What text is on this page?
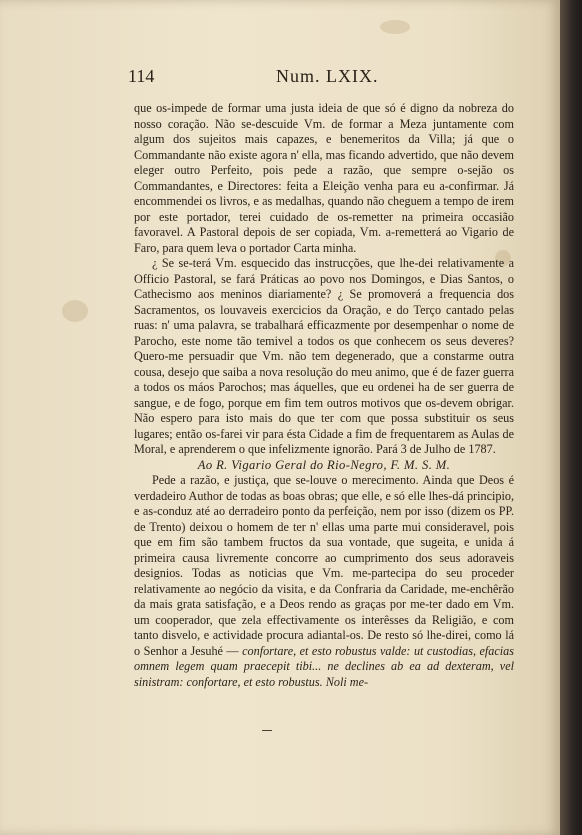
114	Num. LXIX.

que os-impede de formar uma justa ideia de que só é digno da nobreza do nosso coração. Não se-descuide Vm. de formar a Meza juntamente com algum dos sujeitos mais capazes, e benemeritos da Villa; já que o Commandante não existe agora n' ella, mas ficando advertido, que não devem eleger outro Perfeito, pois pede a razão, que sempre o-sejão os Commandantes, e Directores: feita a Eleição venha para eu a-confirmar. Já encommendei os livros, e as medalhas, quando não cheguem a tempo de irem por este portador, terei cuidado de os-remetter na primeira occasião favoravel. A Pastoral depois de ser copiada, Vm. a-remetterá ao Vigario de Faro, para quem leva o portador Carta minha.

¿ Se se-terá Vm. esquecido das instrucções, que lhe-dei relativamente a Officio Pastoral, se fará Práticas ao povo nos Domingos, e Dias Santos, o Cathecismo aos meninos diariamente? ¿ Se promoverá a frequencia dos Sacramentos, os louvaveis exercicios da Oração, e do Terço cantado pelas ruas: n' uma palavra, se trabalhará efficazmente por desempenhar o nome de Parocho, este nome tão temivel a todos os que conhecem os seus deveres? Quero-me persuadir que Vm. não tem degenerado, que a constarme outra cousa, desejo que saiba a nova resolução do meu animo, que é de fazer guerra a todos os máos Parochos; mas áquelles, que eu ordenei ha de ser guerra de sangue, e de fogo, porque em fim tem outros motivos que os-devem obrigar. Não espero para isto mais do que ter com que possa substituir os seus lugares; então os-farei vir para ésta Cidade a fim de frequentarem as Aulas de Moral, e aprenderem o que infelizmente ignorão. Pará 3 de Julho de 1787.

Ao R. Vigario Geral do Rio-Negro, F. M. S. M.

Pede a razão, e justiça, que se-louve o merecimento. Ainda que Deos é verdadeiro Author de todas as boas obras; que elle, e só elle lhes-dá principio, e as-conduz até ao derradeiro ponto da perfeição, nem por isso (dizem os PP. de Trento) deixou o homem de ter n' ellas uma parte mui consideravel, pois que em fim são tambem fructos da sua vontade, que sugeita, e unida á primeira causa livremente concorre ao cumprimento dos seus adoraveis designios. Todas as noticias que Vm. me-partecipa do seu proceder relativamente ao negócio da visita, e da Confraria da Caridade, me-enchêrão da mais grata satisfação, e a Deos rendo as graças por me-ter dado em Vm. um cooperador, que zela effectivamente os interêsses da Religião, e com tanto disvelo, e actividade procura adiantal-os. De resto só lhe-direi, como lá o Senhor a Jesuhé — confortare, et esto robustus valde: ut custodias, efacias omnem legem quam praecepit tibi... ne declines ab ea ad dexteram, vel sinistram: confortare, et esto robustus. Noli me-
